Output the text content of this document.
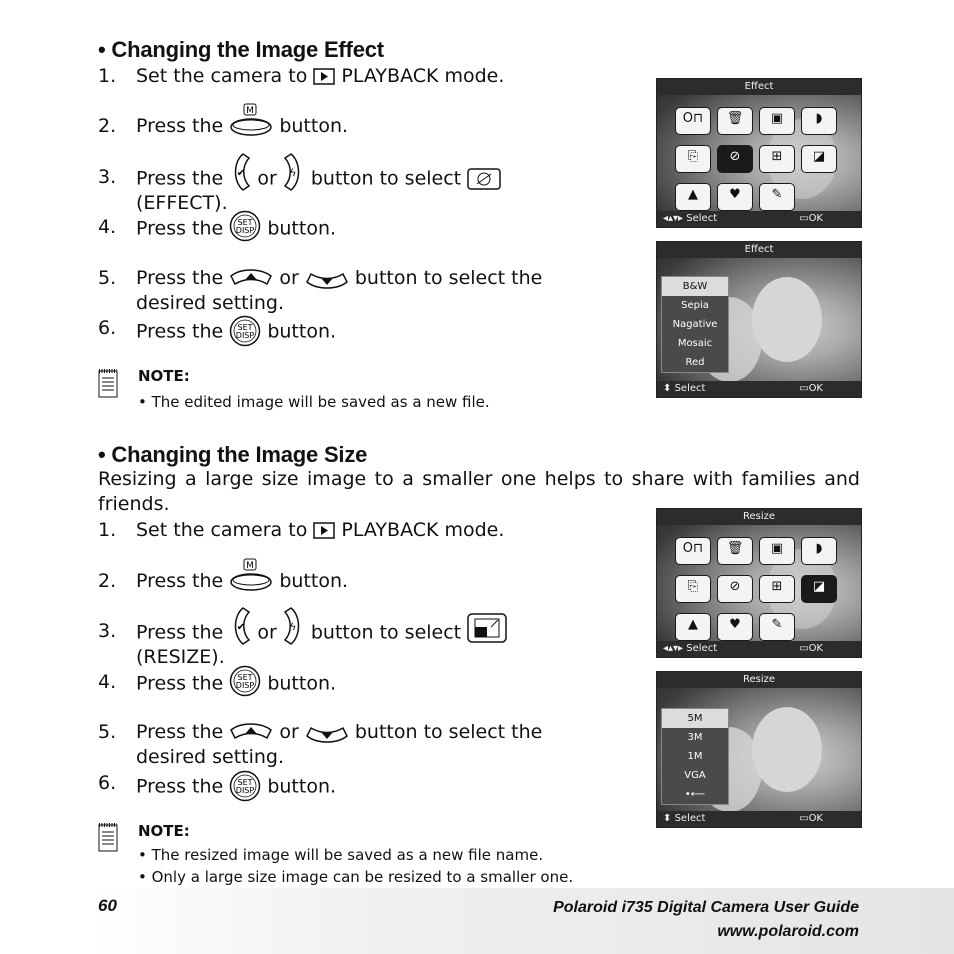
• Changing the Image Effect
1. Set the camera to PLAYBACK mode.
2. Press the
M
button.
3. Press the ✔ or ϟ button to select
(EFFECT).
4. Press the SET
DISP button.
5. Press the	or	button to select the
desired setting.
6. Press the SET
DISP button.
NOTE:
• The edited image will be saved as a new file.
• Changing the Image Size
Resizing a large size image to a smaller one helps to share with families and friends.
1. Set the camera to PLAYBACK mode.
2. Press the
M
button.
3. Press the ✔ or ϟ button to select
(RESIZE).
4. Press the SET
DISP button.
5. Press the	or	button to select the
desired setting.
6. Press the SET
DISP button.
NOTE:
• The resized image will be saved as a new file name.
• Only a large size image can be resized to a smaller one.
Effect
O⊓	🗑	▣	◗
⎘	⊘	⊞	◪
▲	♥	✎
◂▴▾▸ Select	▭OK
Effect
B&W
Sepia
Nagative
Mosaic
Red
⬍ Select	▭OK
Resize
O⊓	🗑	▣	◗
⎘	⊘	⊞	◪
▲	♥	✎
◂▴▾▸ Select	▭OK
Resize
5M
3M
1M
VGA
•⟵
⬍ Select	▭OK
60	Polaroid i735 Digital Camera User Guide
www.polaroid.com
